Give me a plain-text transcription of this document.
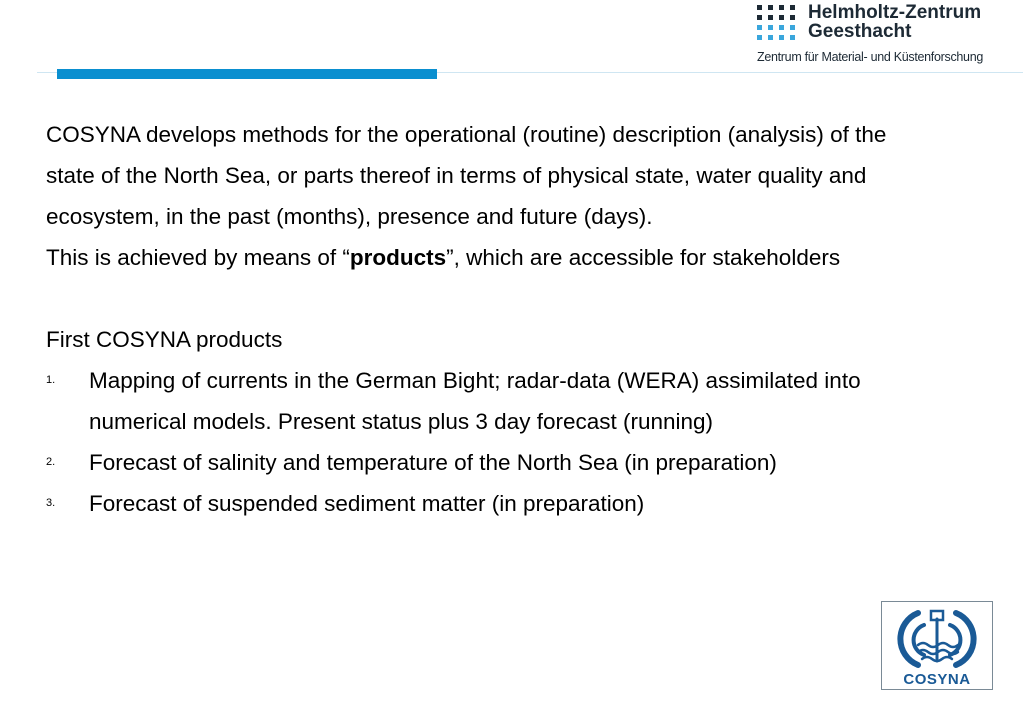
Helmholtz-Zentrum
Geesthacht
Zentrum für Material- und Küstenforschung

COSYNA develops methods for the operational (routine) description (analysis) of the state of the North Sea, or parts thereof in terms of physical state, water quality and ecosystem, in the past (months), presence and future (days).

This is achieved by means of “products”, which are accessible for stakeholders

First COSYNA products

1. Mapping of currents in the German Bight; radar-data (WERA) assimilated into numerical models. Present status plus 3 day forecast (running)
2. Forecast of salinity and temperature of the North Sea (in preparation)
3. Forecast of suspended sediment matter (in preparation)
COSYNA
